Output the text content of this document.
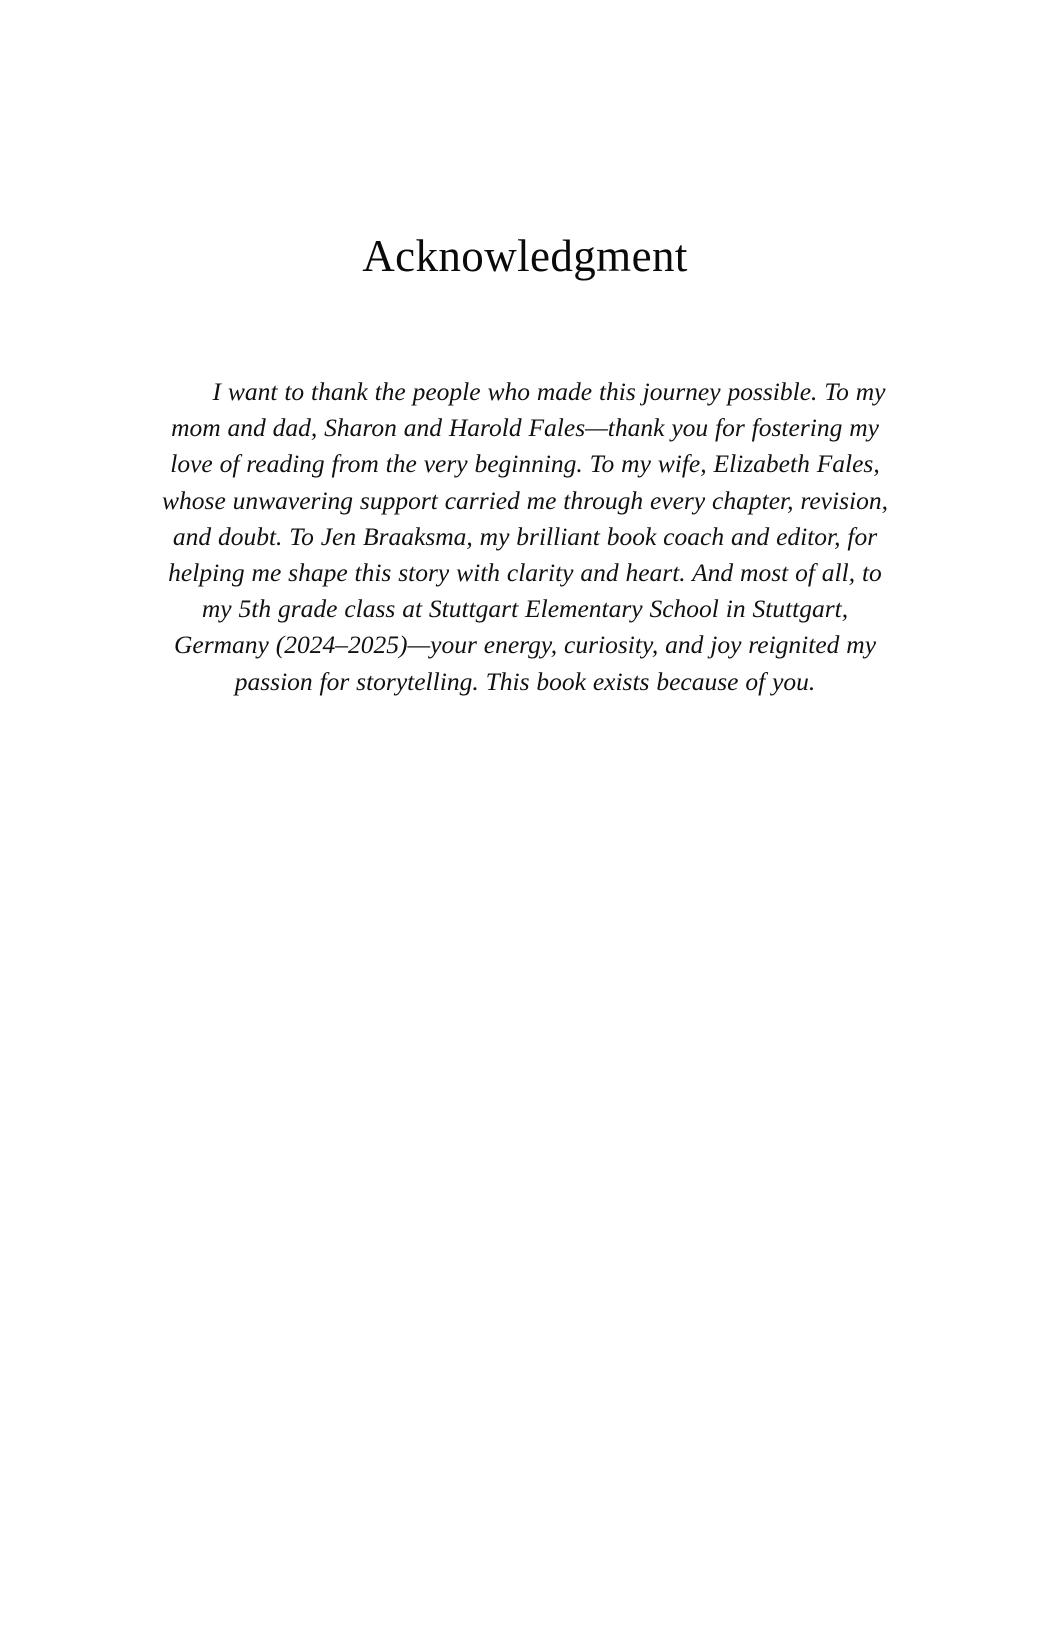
Acknowledgment

I want to thank the people who made this journey possible. To my
mom and dad, Sharon and Harold Fales—thank you for fostering my
love of reading from the very beginning. To my wife, Elizabeth Fales,
whose unwavering support carried me through every chapter, revision,
and doubt. To Jen Braaksma, my brilliant book coach and editor, for
helping me shape this story with clarity and heart. And most of all, to
my 5th grade class at Stuttgart Elementary School in Stuttgart,
Germany (2024–2025)—your energy, curiosity, and joy reignited my
passion for storytelling. This book exists because of you.
